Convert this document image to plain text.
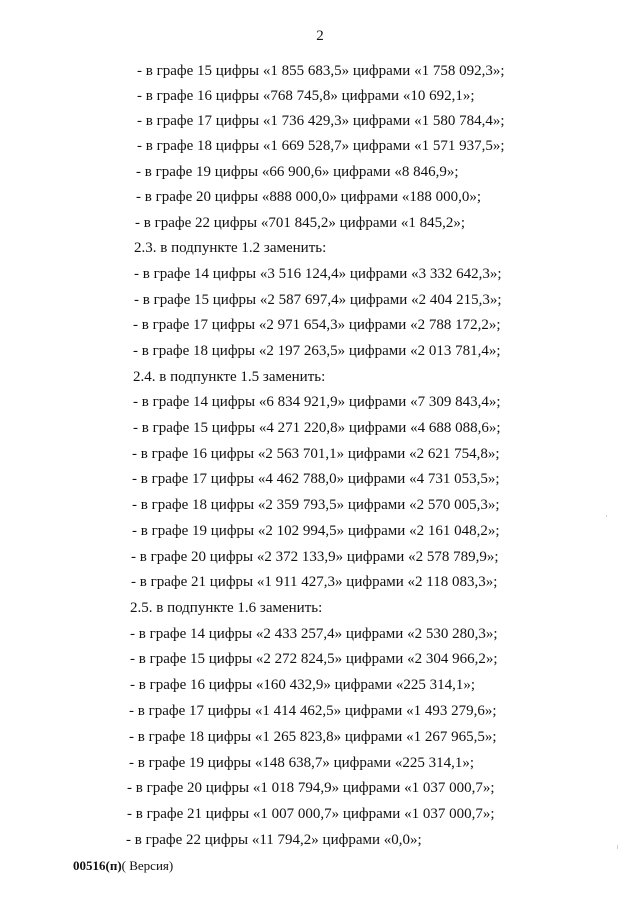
2
- в графе 15 цифры «1 855 683,5» цифрами «1 758 092,3»;
- в графе 16 цифры «768 745,8» цифрами «10 692,1»;
- в графе 17 цифры «1 736 429,3» цифрами «1 580 784,4»;
- в графе 18 цифры «1 669 528,7» цифрами «1 571 937,5»;
- в графе 19 цифры «66 900,6» цифрами «8 846,9»;
- в графе 20 цифры «888 000,0» цифрами «188 000,0»;
- в графе 22 цифры «701 845,2» цифрами «1 845,2»;
2.3. в подпункте 1.2 заменить:
- в графе 14 цифры «3 516 124,4» цифрами «3 332 642,3»;
- в графе 15 цифры «2 587 697,4» цифрами «2 404 215,3»;
- в графе 17 цифры «2 971 654,3» цифрами «2 788 172,2»;
- в графе 18 цифры «2 197 263,5» цифрами «2 013 781,4»;
2.4. в подпункте 1.5 заменить:
- в графе 14 цифры «6 834 921,9» цифрами «7 309 843,4»;
- в графе 15 цифры «4 271 220,8» цифрами «4 688 088,6»;
- в графе 16 цифры «2 563 701,1» цифрами «2 621 754,8»;
- в графе 17 цифры «4 462 788,0» цифрами «4 731 053,5»;
- в графе 18 цифры «2 359 793,5» цифрами «2 570 005,3»;
- в графе 19 цифры «2 102 994,5» цифрами «2 161 048,2»;
- в графе 20 цифры «2 372 133,9» цифрами «2 578 789,9»;
- в графе 21 цифры «1 911 427,3» цифрами «2 118 083,3»;
2.5. в подпункте 1.6 заменить:
- в графе 14 цифры «2 433 257,4» цифрами «2 530 280,3»;
- в графе 15 цифры «2 272 824,5» цифрами «2 304 966,2»;
- в графе 16 цифры «160 432,9» цифрами «225 314,1»;
- в графе 17 цифры «1 414 462,5» цифрами «1 493 279,6»;
- в графе 18 цифры «1 265 823,8» цифрами «1 267 965,5»;
- в графе 19 цифры «148 638,7» цифрами «225 314,1»;
- в графе 20 цифры «1 018 794,9» цифрами «1 037 000,7»;
- в графе 21 цифры «1 007 000,7» цифрами «1 037 000,7»;
- в графе 22 цифры «11 794,2» цифрами «0,0»;
00516(п)( Версия)
